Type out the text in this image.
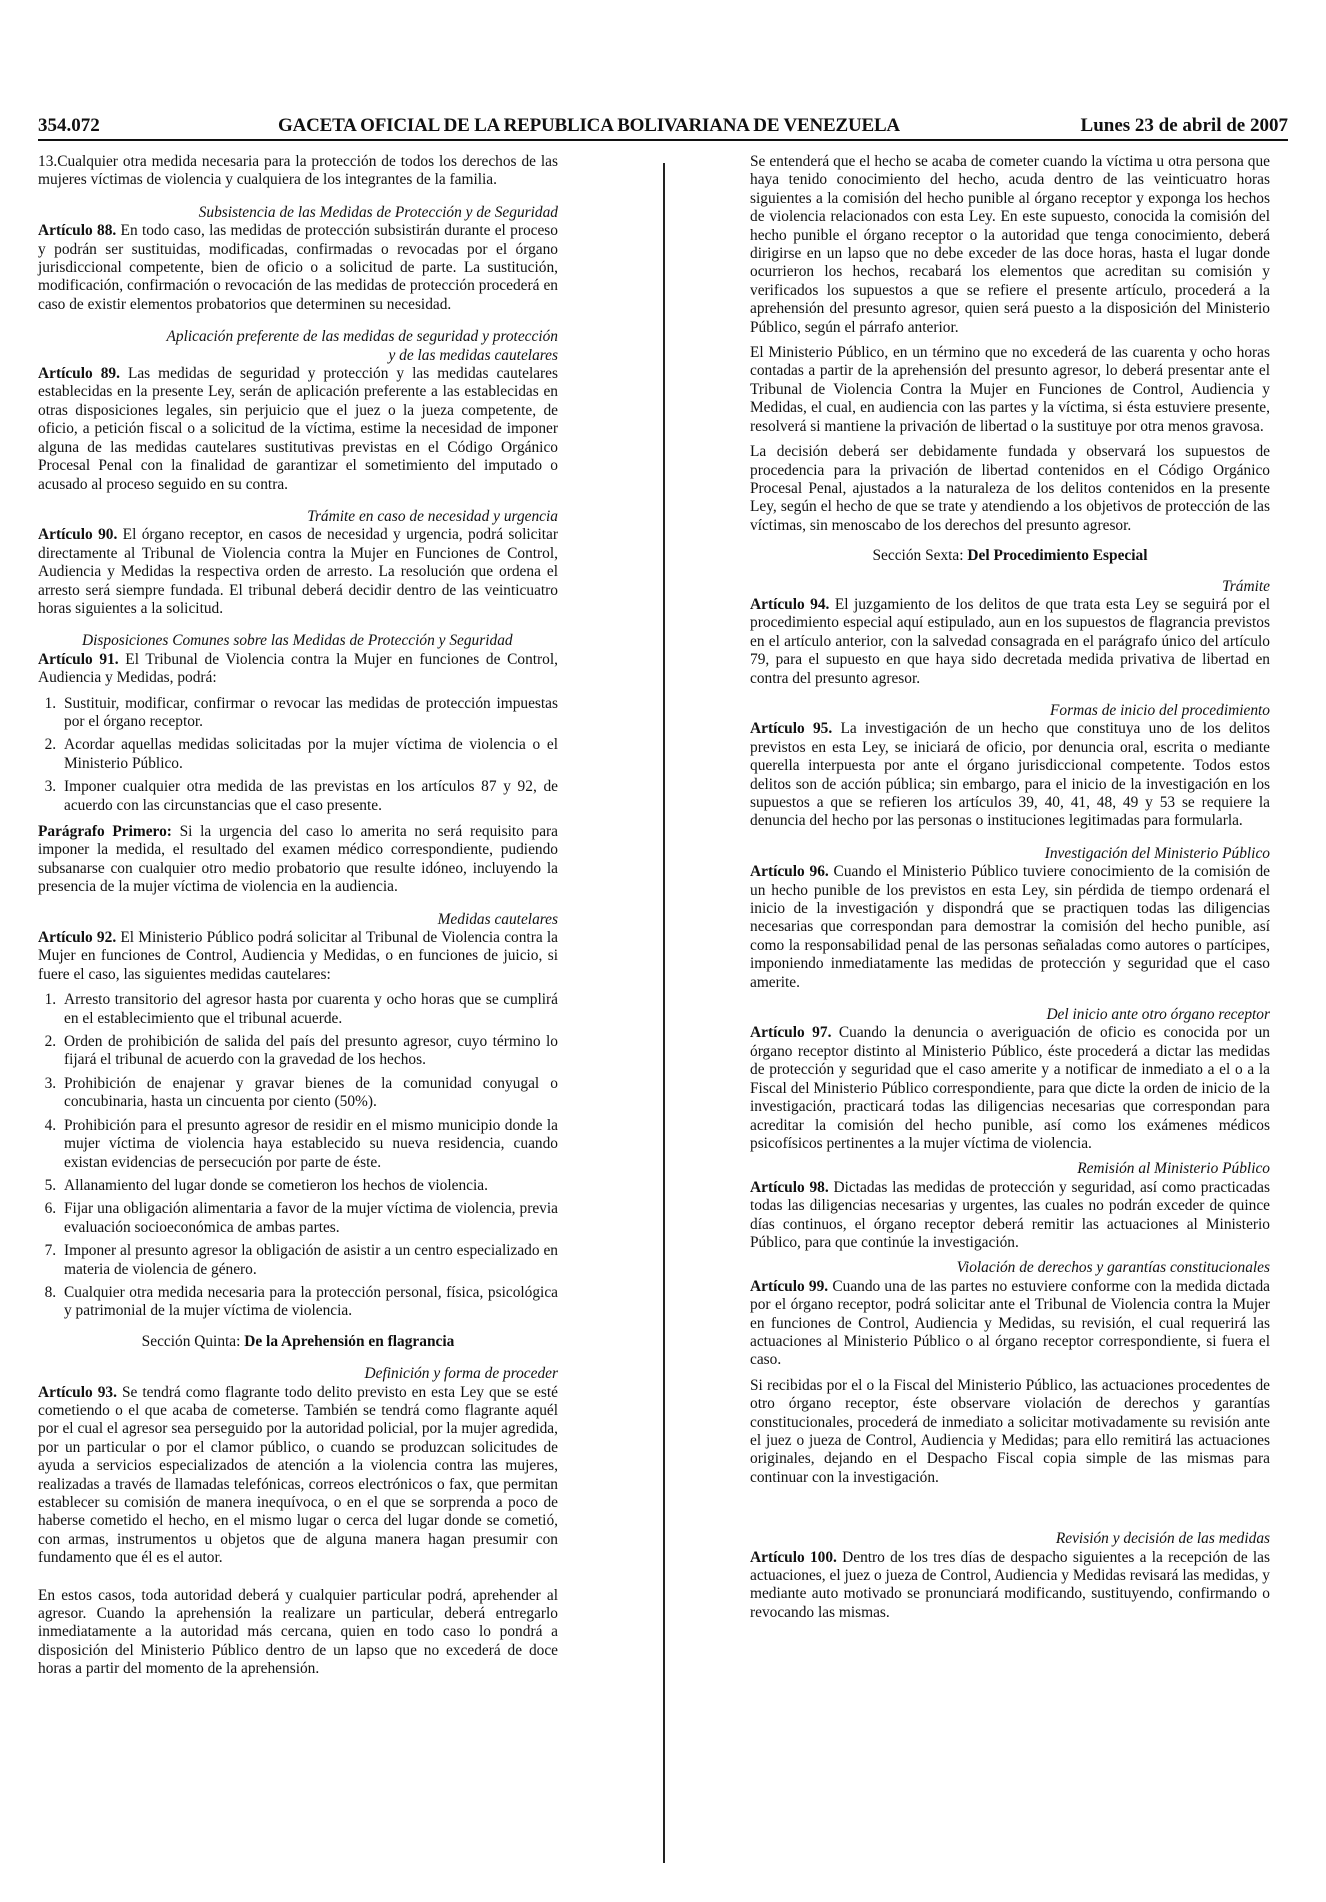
354.072	GACETA OFICIAL DE LA REPUBLICA BOLIVARIANA DE VENEZUELA	Lunes 23 de abril de 2007

13.Cualquier otra medida necesaria para la protección de todos los derechos de las mujeres víctimas de violencia y cualquiera de los integrantes de la familia.

Subsistencia de las Medidas de Protección y de Seguridad

Artículo 88. En todo caso, las medidas de protección subsistirán durante el proceso y podrán ser sustituidas, modificadas, confirmadas o revocadas por el órgano jurisdiccional competente, bien de oficio o a solicitud de parte. La sustitución, modificación, confirmación o revocación de las medidas de protección procederá en caso de existir elementos probatorios que determinen su necesidad.

Aplicación preferente de las medidas de seguridad y protección
y de las medidas cautelares

Artículo 89. Las medidas de seguridad y protección y las medidas cautelares establecidas en la presente Ley, serán de aplicación preferente a las establecidas en otras disposiciones legales, sin perjuicio que el juez o la jueza competente, de oficio, a petición fiscal o a solicitud de la víctima, estime la necesidad de imponer alguna de las medidas cautelares sustitutivas previstas en el Código Orgánico Procesal Penal con la finalidad de garantizar el sometimiento del imputado o acusado al proceso seguido en su contra.

Trámite en caso de necesidad y urgencia

Artículo 90. El órgano receptor, en casos de necesidad y urgencia, podrá solicitar directamente al Tribunal de Violencia contra la Mujer en Funciones de Control, Audiencia y Medidas la respectiva orden de arresto. La resolución que ordena el arresto será siempre fundada. El tribunal deberá decidir dentro de las veinticuatro horas siguientes a la solicitud.

Disposiciones Comunes sobre las Medidas de Protección y Seguridad

Artículo 91. El Tribunal de Violencia contra la Mujer en funciones de Control, Audiencia y Medidas, podrá:

1. Sustituir, modificar, confirmar o revocar las medidas de protección impuestas por el órgano receptor.
2. Acordar aquellas medidas solicitadas por la mujer víctima de violencia o el Ministerio Público.
3. Imponer cualquier otra medida de las previstas en los artículos 87 y 92, de acuerdo con las circunstancias que el caso presente.

Parágrafo Primero: Si la urgencia del caso lo amerita no será requisito para imponer la medida, el resultado del examen médico correspondiente, pudiendo subsanarse con cualquier otro medio probatorio que resulte idóneo, incluyendo la presencia de la mujer víctima de violencia en la audiencia.

Medidas cautelares

Artículo 92. El Ministerio Público podrá solicitar al Tribunal de Violencia contra la Mujer en funciones de Control, Audiencia y Medidas, o en funciones de juicio, si fuere el caso, las siguientes medidas cautelares:

1. Arresto transitorio del agresor hasta por cuarenta y ocho horas que se cumplirá en el establecimiento que el tribunal acuerde.
2. Orden de prohibición de salida del país del presunto agresor, cuyo término lo fijará el tribunal de acuerdo con la gravedad de los hechos.
3. Prohibición de enajenar y gravar bienes de la comunidad conyugal o concubinaria, hasta un cincuenta por ciento (50%).
4. Prohibición para el presunto agresor de residir en el mismo municipio donde la mujer víctima de violencia haya establecido su nueva residencia, cuando existan evidencias de persecución por parte de éste.
5. Allanamiento del lugar donde se cometieron los hechos de violencia.
6. Fijar una obligación alimentaria a favor de la mujer víctima de violencia, previa evaluación socioeconómica de ambas partes.
7. Imponer al presunto agresor la obligación de asistir a un centro especializado en materia de violencia de género.
8. Cualquier otra medida necesaria para la protección personal, física, psicológica y patrimonial de la mujer víctima de violencia.
Sección Quinta: De la Aprehensión en flagrancia
Definición y forma de proceder

Artículo 93. Se tendrá como flagrante todo delito previsto en esta Ley que se esté cometiendo o el que acaba de cometerse. También se tendrá como flagrante aquél por el cual el agresor sea perseguido por la autoridad policial, por la mujer agredida, por un particular o por el clamor público, o cuando se produzcan solicitudes de ayuda a servicios especializados de atención a la violencia contra las mujeres, realizadas a través de llamadas telefónicas, correos electrónicos o fax, que permitan establecer su comisión de manera inequívoca, o en el que se sorprenda a poco de haberse cometido el hecho, en el mismo lugar o cerca del lugar donde se cometió, con armas, instrumentos u objetos que de alguna manera hagan presumir con fundamento que él es el autor.

En estos casos, toda autoridad deberá y cualquier particular podrá, aprehender al agresor. Cuando la aprehensión la realizare un particular, deberá entregarlo inmediatamente a la autoridad más cercana, quien en todo caso lo pondrá a disposición del Ministerio Público dentro de un lapso que no excederá de doce horas a partir del momento de la aprehensión.

Se entenderá que el hecho se acaba de cometer cuando la víctima u otra persona que haya tenido conocimiento del hecho, acuda dentro de las veinticuatro horas siguientes a la comisión del hecho punible al órgano receptor y exponga los hechos de violencia relacionados con esta Ley. En este supuesto, conocida la comisión del hecho punible el órgano receptor o la autoridad que tenga conocimiento, deberá dirigirse en un lapso que no debe exceder de las doce horas, hasta el lugar donde ocurrieron los hechos, recabará los elementos que acreditan su comisión y verificados los supuestos a que se refiere el presente artículo, procederá a la aprehensión del presunto agresor, quien será puesto a la disposición del Ministerio Público, según el párrafo anterior.

El Ministerio Público, en un término que no excederá de las cuarenta y ocho horas contadas a partir de la aprehensión del presunto agresor, lo deberá presentar ante el Tribunal de Violencia Contra la Mujer en Funciones de Control, Audiencia y Medidas, el cual, en audiencia con las partes y la víctima, si ésta estuviere presente, resolverá si mantiene la privación de libertad o la sustituye por otra menos gravosa.

La decisión deberá ser debidamente fundada y observará los supuestos de procedencia para la privación de libertad contenidos en el Código Orgánico Procesal Penal, ajustados a la naturaleza de los delitos contenidos en la presente Ley, según el hecho de que se trate y atendiendo a los objetivos de protección de las víctimas, sin menoscabo de los derechos del presunto agresor.

Sección Sexta: Del Procedimiento Especial
Trámite

Artículo 94. El juzgamiento de los delitos de que trata esta Ley se seguirá por el procedimiento especial aquí estipulado, aun en los supuestos de flagrancia previstos en el artículo anterior, con la salvedad consagrada en el parágrafo único del artículo 79, para el supuesto en que haya sido decretada medida privativa de libertad en contra del presunto agresor.

Formas de inicio del procedimiento

Artículo 95. La investigación de un hecho que constituya uno de los delitos previstos en esta Ley, se iniciará de oficio, por denuncia oral, escrita o mediante querella interpuesta por ante el órgano jurisdiccional competente. Todos estos delitos son de acción pública; sin embargo, para el inicio de la investigación en los supuestos a que se refieren los artículos 39, 40, 41, 48, 49 y 53 se requiere la denuncia del hecho por las personas o instituciones legitimadas para formularla.

Investigación del Ministerio Público

Artículo 96. Cuando el Ministerio Público tuviere conocimiento de la comisión de un hecho punible de los previstos en esta Ley, sin pérdida de tiempo ordenará el inicio de la investigación y dispondrá que se practiquen todas las diligencias necesarias que correspondan para demostrar la comisión del hecho punible, así como la responsabilidad penal de las personas señaladas como autores o partícipes, imponiendo inmediatamente las medidas de protección y seguridad que el caso amerite.

Del inicio ante otro órgano receptor

Artículo 97. Cuando la denuncia o averiguación de oficio es conocida por un órgano receptor distinto al Ministerio Público, éste procederá a dictar las medidas de protección y seguridad que el caso amerite y a notificar de inmediato a el o a la Fiscal del Ministerio Público correspondiente, para que dicte la orden de inicio de la investigación, practicará todas las diligencias necesarias que correspondan para acreditar la comisión del hecho punible, así como los exámenes médicos psicofísicos pertinentes a la mujer víctima de violencia.

Remisión al Ministerio Público

Artículo 98. Dictadas las medidas de protección y seguridad, así como practicadas todas las diligencias necesarias y urgentes, las cuales no podrán exceder de quince días continuos, el órgano receptor deberá remitir las actuaciones al Ministerio Público, para que continúe la investigación.

Violación de derechos y garantías constitucionales

Artículo 99. Cuando una de las partes no estuviere conforme con la medida dictada por el órgano receptor, podrá solicitar ante el Tribunal de Violencia contra la Mujer en funciones de Control, Audiencia y Medidas, su revisión, el cual requerirá las actuaciones al Ministerio Público o al órgano receptor correspondiente, si fuera el caso.

Si recibidas por el o la Fiscal del Ministerio Público, las actuaciones procedentes de otro órgano receptor, éste observare violación de derechos y garantías constitucionales, procederá de inmediato a solicitar motivadamente su revisión ante el juez o jueza de Control, Audiencia y Medidas; para ello remitirá las actuaciones originales, dejando en el Despacho Fiscal copia simple de las mismas para continuar con la investigación.

Revisión y decisión de las medidas

Artículo 100. Dentro de los tres días de despacho siguientes a la recepción de las actuaciones, el juez o jueza de Control, Audiencia y Medidas revisará las medidas, y mediante auto motivado se pronunciará modificando, sustituyendo, confirmando o revocando las mismas.
